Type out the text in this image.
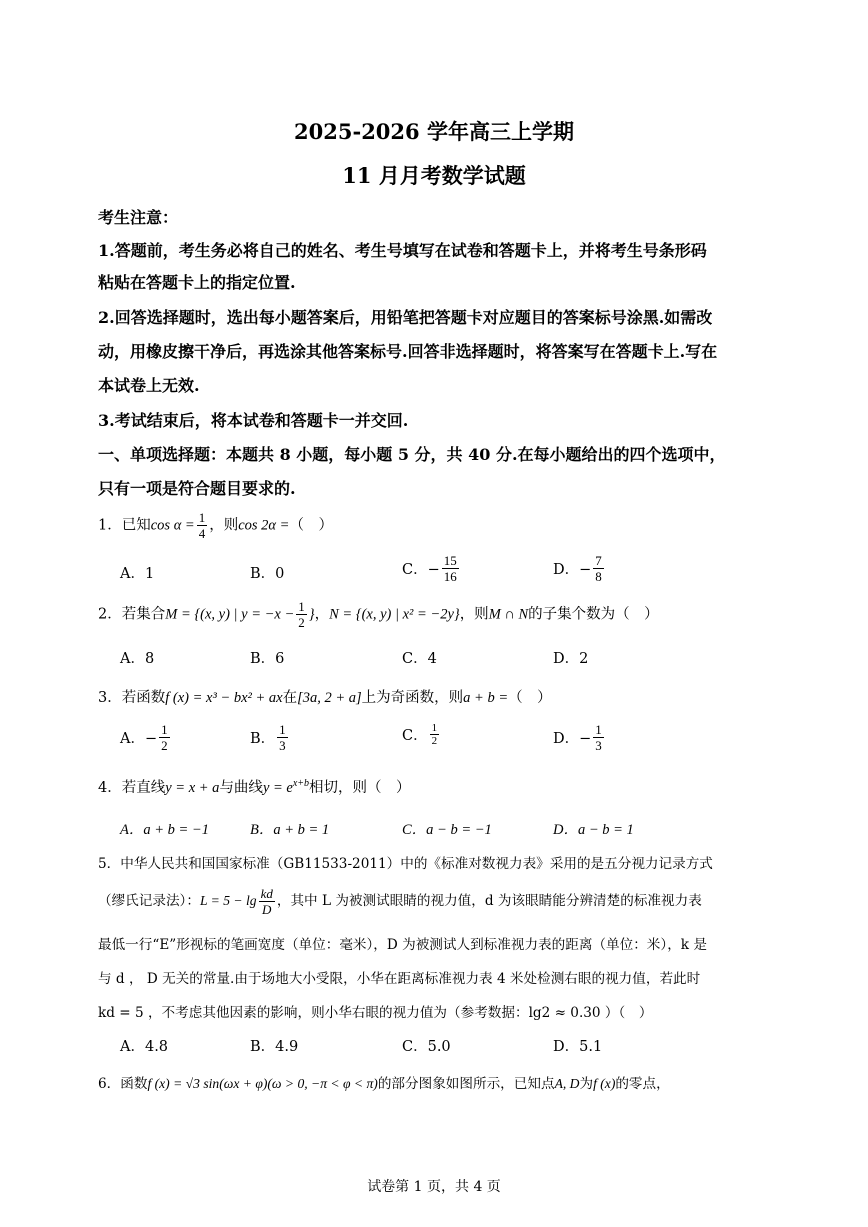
2025-2026 学年高三上学期
11 月月考数学试题
考生注意：
1.答题前，考生务必将自己的姓名、考生号填写在试卷和答题卡上，并将考生号条形码
粘贴在答题卡上的指定位置.
2.回答选择题时，选出每小题答案后，用铅笔把答题卡对应题目的答案标号涂黑.如需改
动，用橡皮擦干净后，再选涂其他答案标号.回答非选择题时，将答案写在答题卡上.写在
本试卷上无效.
3.考试结束后，将本试卷和答题卡一并交回.
一、单项选择题：本题共 8 小题，每小题 5 分，共 40 分.在每小题给出的四个选项中，
只有一项是符合题目要求的.
1．已知$\cos \alpha = \frac{1}{4}$ ，则cos 2α =（　）
A．1	B．0	C．− $\frac{15}{16}$	D．− $\frac{7}{8}$
2．若集合M = {(x, y) | $y = -x - \frac{1}{2}$ }，N = {(x, y) | x² = −2y}，则M ∩ N的子集个数为（　）
A．8	B．6	C．4	D．2
3．若函数f (x) = x³ − bx² + ax在[3a, 2 + a]上为奇函数，则a + b =（　）
A．− $\frac{1}{2}$	B． $\frac{1}{3}$	C． $\frac{1}{2}$	D．− $\frac{1}{3}$
4．若直线y = x + a与曲线$y = e^{x+b}$相切，则（　）
A．a + b = −1	B．a + b = 1	C．a − b = −1	D．a − b = 1
5．中华人民共和国国家标准（GB11533-2011）中的《标准对数视力表》采用的是五分视力记录方式
（缪氏记录法）：$L = 5 - \lg \frac{kd}{D}$ ，其中 L 为被测试眼睛的视力值，d 为该眼睛能分辨清楚的标准视力表
最低一行“E”形视标的笔画宽度（单位：毫米），D 为被测试人到标准视力表的距离（单位：米），k 是
与 d ， D 无关的常量.由于场地大小受限，小华在距离标准视力表 4 米处检测右眼的视力值，若此时
kd = 5 ，不考虑其他因素的影响，则小华右眼的视力值为（参考数据：lg2 ≈ 0.30 ）（　）
A．4.8	B．4.9	C．5.0	D．5.1
6．函数f (x) = √3 sin(ωx + φ)(ω > 0, −π < φ < π)的部分图象如图所示，已知点A, D为f (x)的零点，
试卷第 1 页，共 4 页
